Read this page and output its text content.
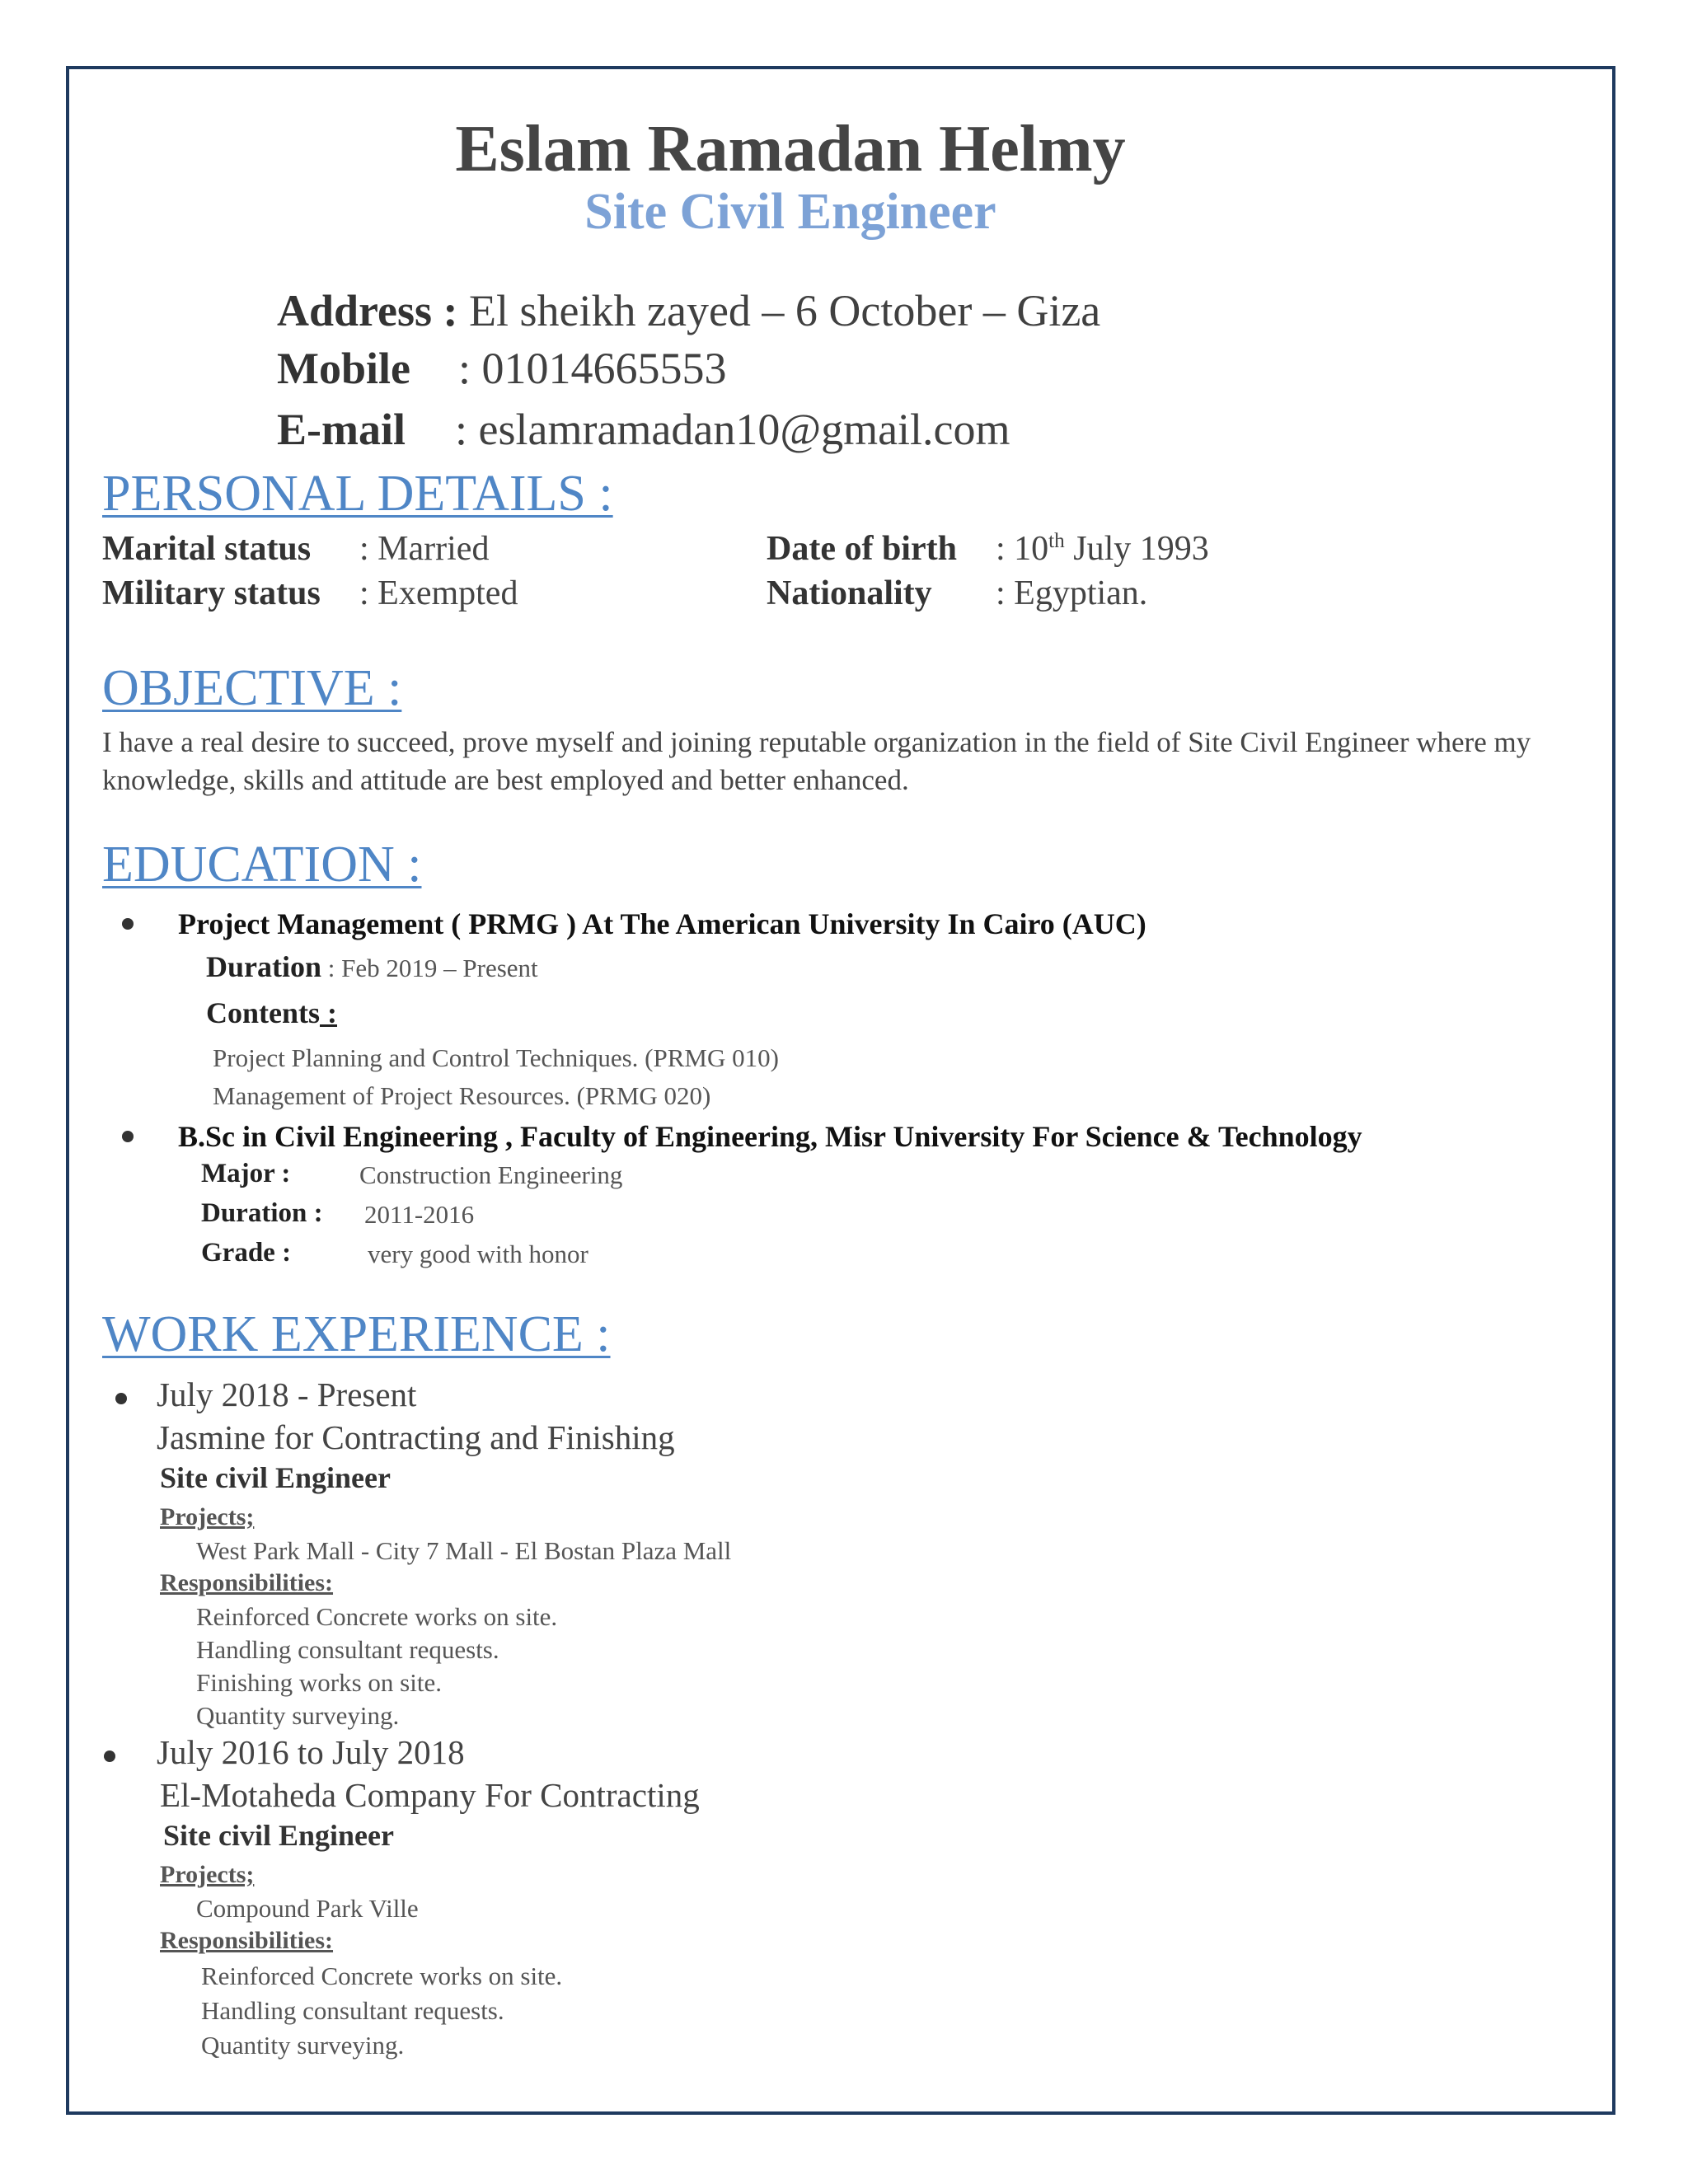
Eslam Ramadan Helmy
Site Civil Engineer
Address : El sheikh zayed – 6 October – Giza
Mobile : 01014665553
E-mail : eslamramadan10@gmail.com
PERSONAL DETAILS :
Marital status : Married
Military status : Exempted
Date of birth : 10th July 1993
Nationality : Egyptian.
OBJECTIVE :
I have a real desire to succeed, prove myself and joining reputable organization in the field of Site Civil Engineer where my knowledge, skills and attitude are best employed and better enhanced.
EDUCATION :
Project Management ( PRMG ) At The American University In Cairo (AUC)
Duration : Feb 2019 – Present
Contents :
Project Planning and Control Techniques. (PRMG 010)
Management of Project Resources. (PRMG 020)
B.Sc in Civil Engineering , Faculty of Engineering, Misr University For Science & Technology
Major :	Construction Engineering
Duration : 2011-2016
Grade :	very good with honor
WORK EXPERIENCE :
July 2018 - Present
Jasmine for Contracting and Finishing
Site civil Engineer
Projects;
West Park Mall - City 7 Mall - El Bostan Plaza Mall
Responsibilities:
Reinforced Concrete works on site.
Handling consultant requests.
Finishing works on site.
Quantity surveying.
July 2016 to July 2018
El-Motaheda Company For Contracting
Site civil Engineer
Projects;
Compound Park Ville
Responsibilities:
Reinforced Concrete works on site.
Handling consultant requests.
Quantity surveying.
